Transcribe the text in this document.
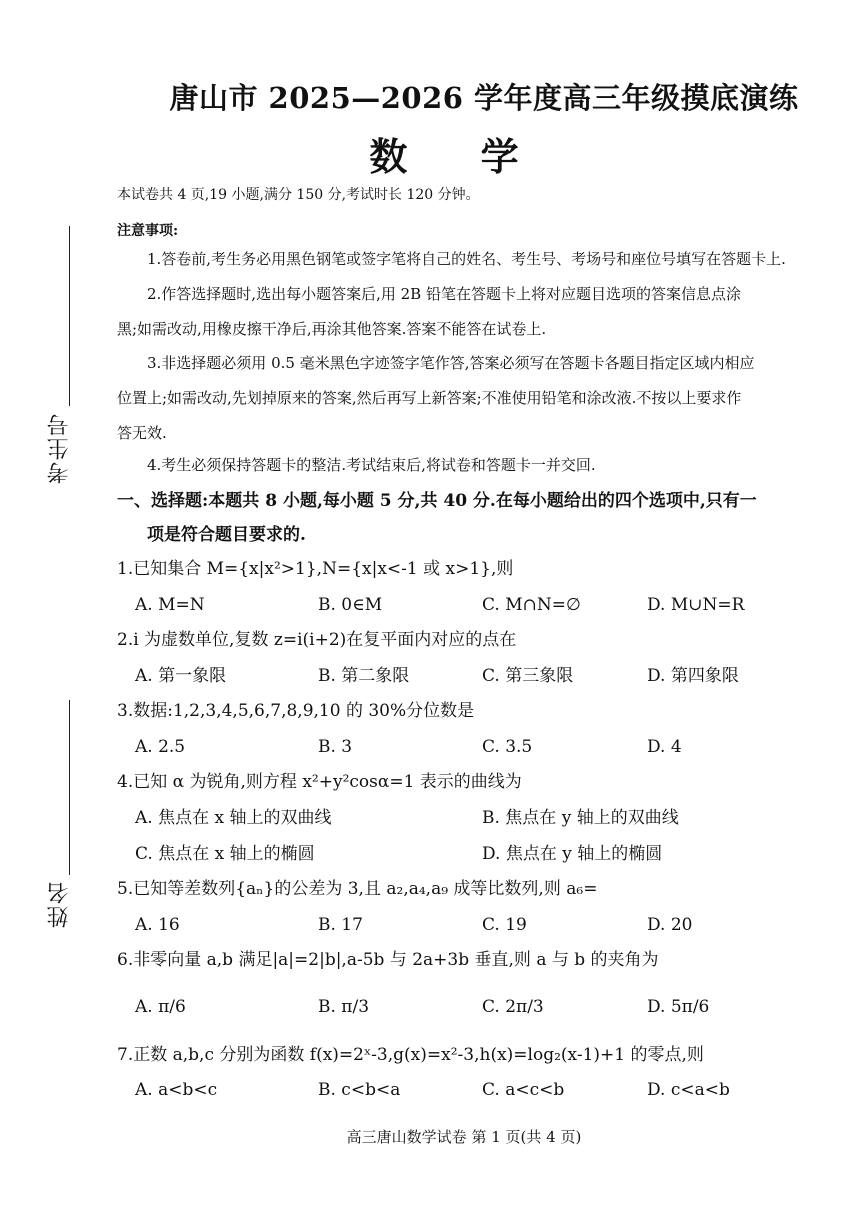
考生号
姓名
唐山市 2025—2026 学年度高三年级摸底演练
数 学
本试卷共 4 页,19 小题,满分 150 分,考试时长 120 分钟。
注意事项:
1.答卷前,考生务必用黑色钢笔或签字笔将自己的姓名、考生号、考场号和座位号填写在答题卡上.
2.作答选择题时,选出每小题答案后,用 2B 铅笔在答题卡上将对应题目选项的答案信息点涂
黑;如需改动,用橡皮擦干净后,再涂其他答案.答案不能答在试卷上.
3.非选择题必须用 0.5 毫米黑色字迹签字笔作答,答案必须写在答题卡各题目指定区域内相应
位置上;如需改动,先划掉原来的答案,然后再写上新答案;不准使用铅笔和涂改液.不按以上要求作
答无效.
4.考生必须保持答题卡的整洁.考试结束后,将试卷和答题卡一并交回.
一、选择题:本题共 8 小题,每小题 5 分,共 40 分.在每小题给出的四个选项中,只有一
项是符合题目要求的.
1.已知集合 M={x|x²>1},N={x|x<-1 或 x>1},则
A. M=N	B. 0∈M	C. M∩N=∅	D. M∪N=R
2.i 为虚数单位,复数 z=i(i+2)在复平面内对应的点在
A. 第一象限	B. 第二象限	C. 第三象限	D. 第四象限
3.数据:1,2,3,4,5,6,7,8,9,10 的 30%分位数是
A. 2.5	B. 3	C. 3.5	D. 4
4.已知 α 为锐角,则方程 x²+y²cosα=1 表示的曲线为
A. 焦点在 x 轴上的双曲线	B. 焦点在 y 轴上的双曲线
C. 焦点在 x 轴上的椭圆	D. 焦点在 y 轴上的椭圆
5.已知等差数列{aₙ}的公差为 3,且 a₂,a₄,a₉ 成等比数列,则 a₆=
A. 16	B. 17	C. 19	D. 20
6.非零向量 a,b 满足|a|=2|b|,a-5b 与 2a+3b 垂直,则 a 与 b 的夹角为
A. π/6	B. π/3	C. 2π/3	D. 5π/6
7.正数 a,b,c 分别为函数 f(x)=2ˣ-3,g(x)=x²-3,h(x)=log₂(x-1)+1 的零点,则
A. a<b<c	B. c<b<a	C. a<c<b	D. c<a<b
高三唐山数学试卷 第 1 页(共 4 页)
